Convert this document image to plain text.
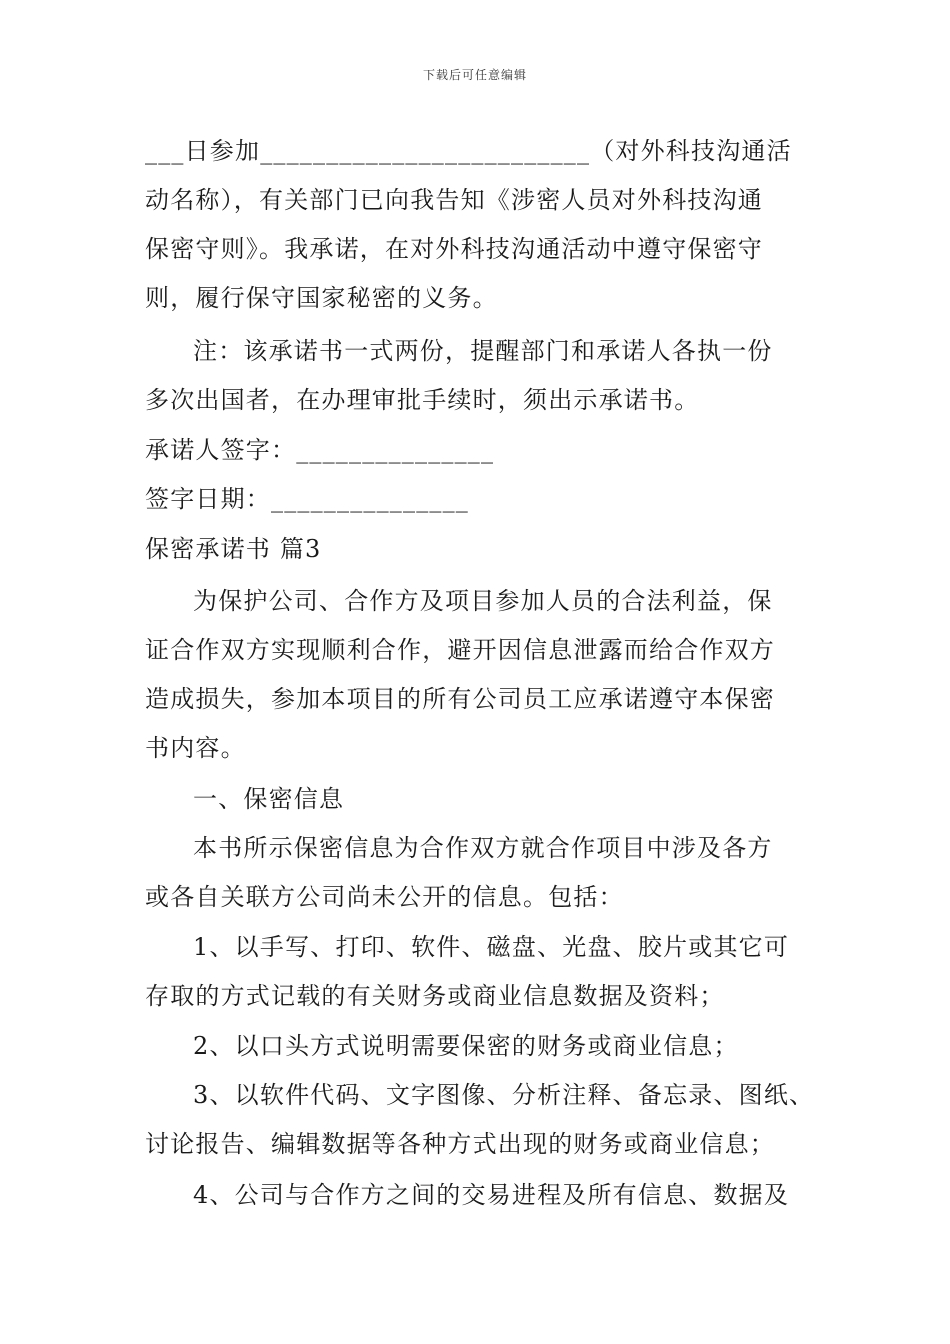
下载后可任意编辑
___日参加_________________________（对外科技沟通活
动名称），有关部门已向我告知《涉密人员对外科技沟通
保密守则》。我承诺，在对外科技沟通活动中遵守保密守
则，履行保守国家秘密的义务。
注：该承诺书一式两份，提醒部门和承诺人各执一份
多次出国者，在办理审批手续时，须出示承诺书。
承诺人签字：_______________
签字日期：_______________
保密承诺书 篇3
为保护公司、合作方及项目参加人员的合法利益，保
证合作双方实现顺利合作，避开因信息泄露而给合作双方
造成损失，参加本项目的所有公司员工应承诺遵守本保密
书内容。
一、保密信息
本书所示保密信息为合作双方就合作项目中涉及各方
或各自关联方公司尚未公开的信息。包括：
1、以手写、打印、软件、磁盘、光盘、胶片或其它可
存取的方式记载的有关财务或商业信息数据及资料；
2、以口头方式说明需要保密的财务或商业信息；
3、以软件代码、文字图像、分析注释、备忘录、图纸、
讨论报告、编辑数据等各种方式出现的财务或商业信息；
4、公司与合作方之间的交易进程及所有信息、数据及
